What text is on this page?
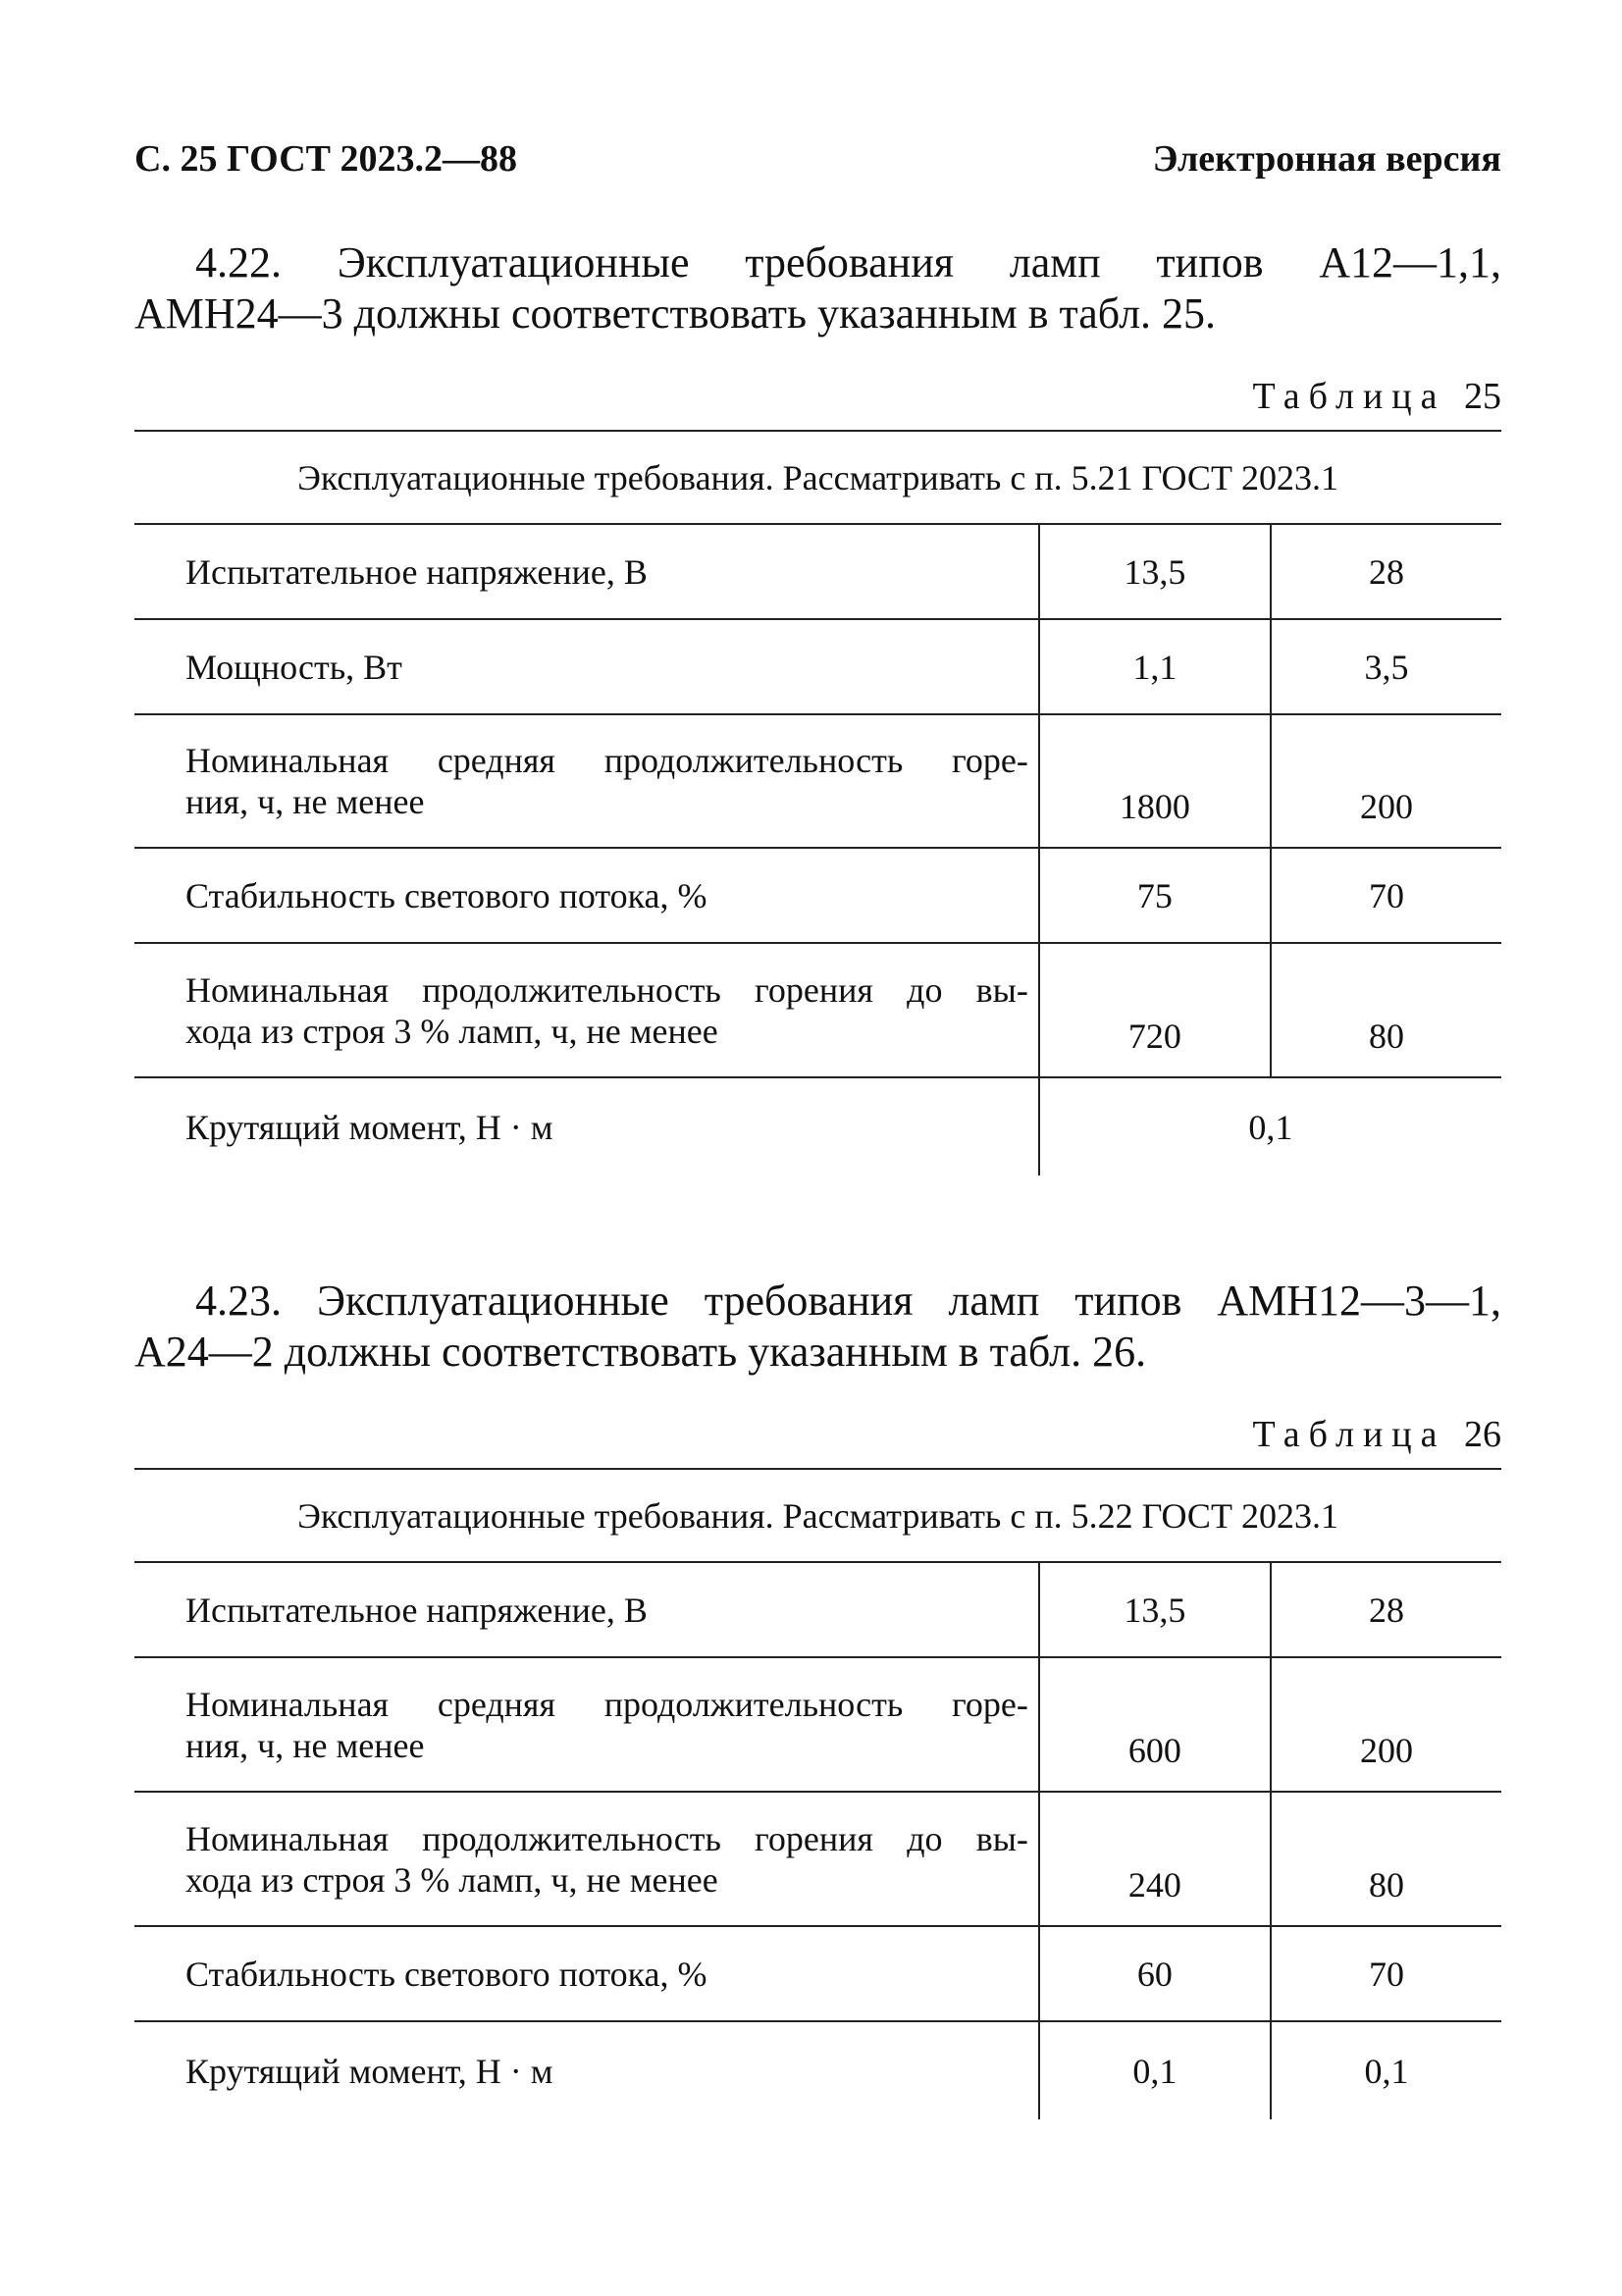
С. 25 ГОСТ 2023.2—88	Электронная версия
4.22. Эксплуатационные требования ламп типов А12—1,1,
АМН24—3 должны соответствовать указанным в табл. 25.
Таблица 25
Эксплуатационные требования. Рассматривать с п. 5.21 ГОСТ 2023.1		
Испытательное напряжение, В	13,5	28
Мощность, Вт	1,1	3,5

Номинальная средняя продолжительность горе-
ния, ч, не менее	1800	200
Стабильность светового потока, %	75	70

Номинальная продолжительность горения до вы-
хода из строя 3 % ламп, ч, не менее	720	80
Крутящий момент, Н · м	0,1	
4.23. Эксплуатационные требования ламп типов АМН12—3—1,
А24—2 должны соответствовать указанным в табл. 26.
Таблица 26
Эксплуатационные требования. Рассматривать с п. 5.22 ГОСТ 2023.1		
Испытательное напряжение, В	13,5	28

Номинальная средняя продолжительность горе-
ния, ч, не менее	600	200

Номинальная продолжительность горения до вы-
хода из строя 3 % ламп, ч, не менее	240	80
Стабильность светового потока, %	60	70
Крутящий момент, Н · м	0,1	0,1
